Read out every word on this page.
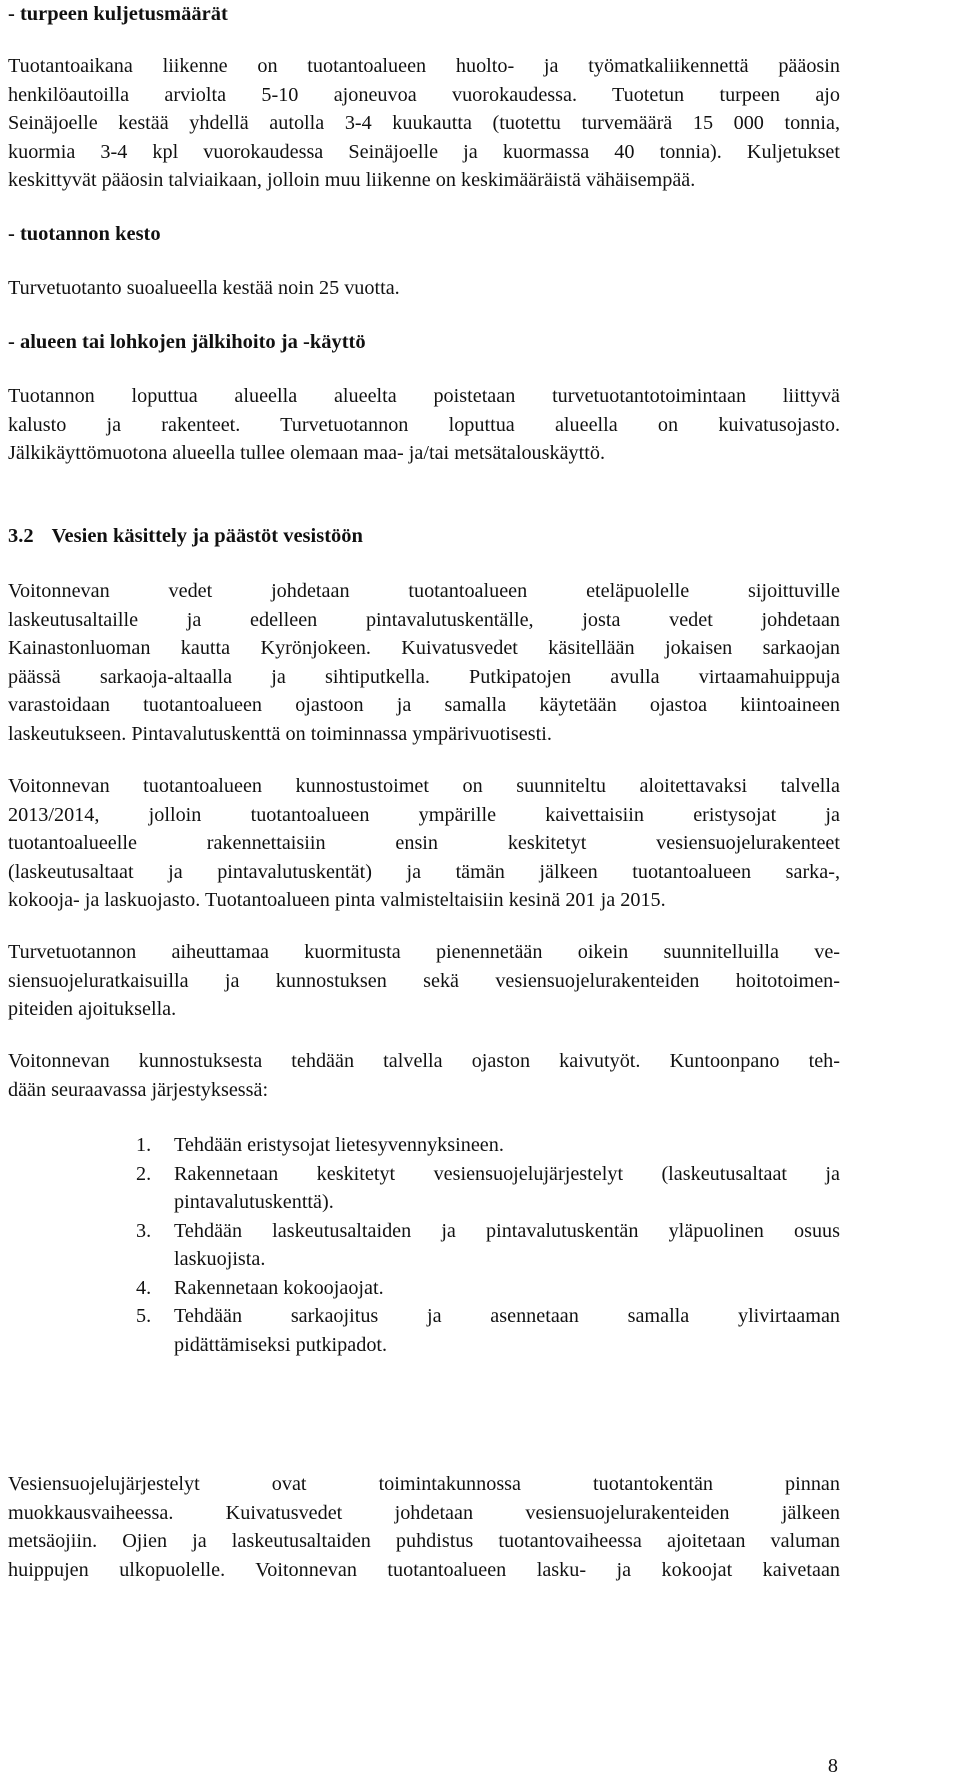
- turpeen kuljetusmäärät
Tuotantoaikana liikenne on tuotantoalueen huolto- ja työmatkaliikennettä pääosin
henkilöautoilla arviolta 5-10 ajoneuvoa vuorokaudessa. Tuotetun turpeen ajo
Seinäjoelle kestää yhdellä autolla 3-4 kuukautta (tuotettu turvemäärä 15 000 tonnia,
kuormia 3-4 kpl vuorokaudessa Seinäjoelle ja kuormassa 40 tonnia). Kuljetukset
keskittyvät pääosin talviaikaan, jolloin muu liikenne on keskimääräistä vähäisempää.
- tuotannon kesto
Turvetuotanto suoalueella kestää noin 25 vuotta.
- alueen tai lohkojen jälkihoito ja -käyttö
Tuotannon loputtua alueella alueelta poistetaan turvetuotantotoimintaan liittyvä
kalusto ja rakenteet. Turvetuotannon loputtua alueella on kuivatusojasto.
Jälkikäyttömuotona alueella tullee olemaan maa- ja/tai metsätalouskäyttö.
3.2 Vesien käsittely ja päästöt vesistöön
Voitonnevan vedet johdetaan tuotantoalueen eteläpuolelle sijoittuville
laskeutusaltaille ja edelleen pintavalutuskentälle, josta vedet johdetaan
Kainastonluoman kautta Kyrönjokeen. Kuivatusvedet käsitellään jokaisen sarkaojan
päässä sarkaoja-altaalla ja sihtiputkella. Putkipatojen avulla virtaamahuippuja
varastoidaan tuotantoalueen ojastoon ja samalla käytetään ojastoa kiintoaineen
laskeutukseen. Pintavalutuskenttä on toiminnassa ympärivuotisesti.
Voitonnevan tuotantoalueen kunnostustoimet on suunniteltu aloitettavaksi talvella
2013/2014, jolloin tuotantoalueen ympärille kaivettaisiin eristysojat ja
tuotantoalueelle rakennettaisiin ensin keskitetyt vesiensuojelurakenteet
(laskeutusaltaat ja pintavalutuskentät) ja tämän jälkeen tuotantoalueen sarka-,
kokooja- ja laskuojasto. Tuotantoalueen pinta valmisteltaisiin kesinä 201 ja 2015.
Turvetuotannon aiheuttamaa kuormitusta pienennetään oikein suunnitelluilla ve-
siensuojeluratkaisuilla ja kunnostuksen sekä vesiensuojelurakenteiden hoitotoimen-
piteiden ajoituksella.
Voitonnevan kunnostuksesta tehdään talvella ojaston kaivutyöt. Kuntoonpano teh-
dään seuraavassa järjestyksessä:
1. Tehdään eristysojat lietesyvennyksineen.
2. Rakennetaan keskitetyt vesiensuojelujärjestelyt (laskeutusaltaat ja
pintavalutuskenttä).
3. Tehdään laskeutusaltaiden ja pintavalutuskentän yläpuolinen osuus
laskuojista.
4. Rakennetaan kokoojaojat.
5. Tehdään sarkaojitus ja asennetaan samalla ylivirtaaman
pidättämiseksi putkipadot.
Vesiensuojelujärjestelyt ovat toimintakunnossa tuotantokentän pinnan
muokkausvaiheessa. Kuivatusvedet johdetaan vesiensuojelurakenteiden jälkeen
metsäojiin. Ojien ja laskeutusaltaiden puhdistus tuotantovaiheessa ajoitetaan valuman
huippujen ulkopuolelle. Voitonnevan tuotantoalueen lasku- ja kokoojat kaivetaan
8
